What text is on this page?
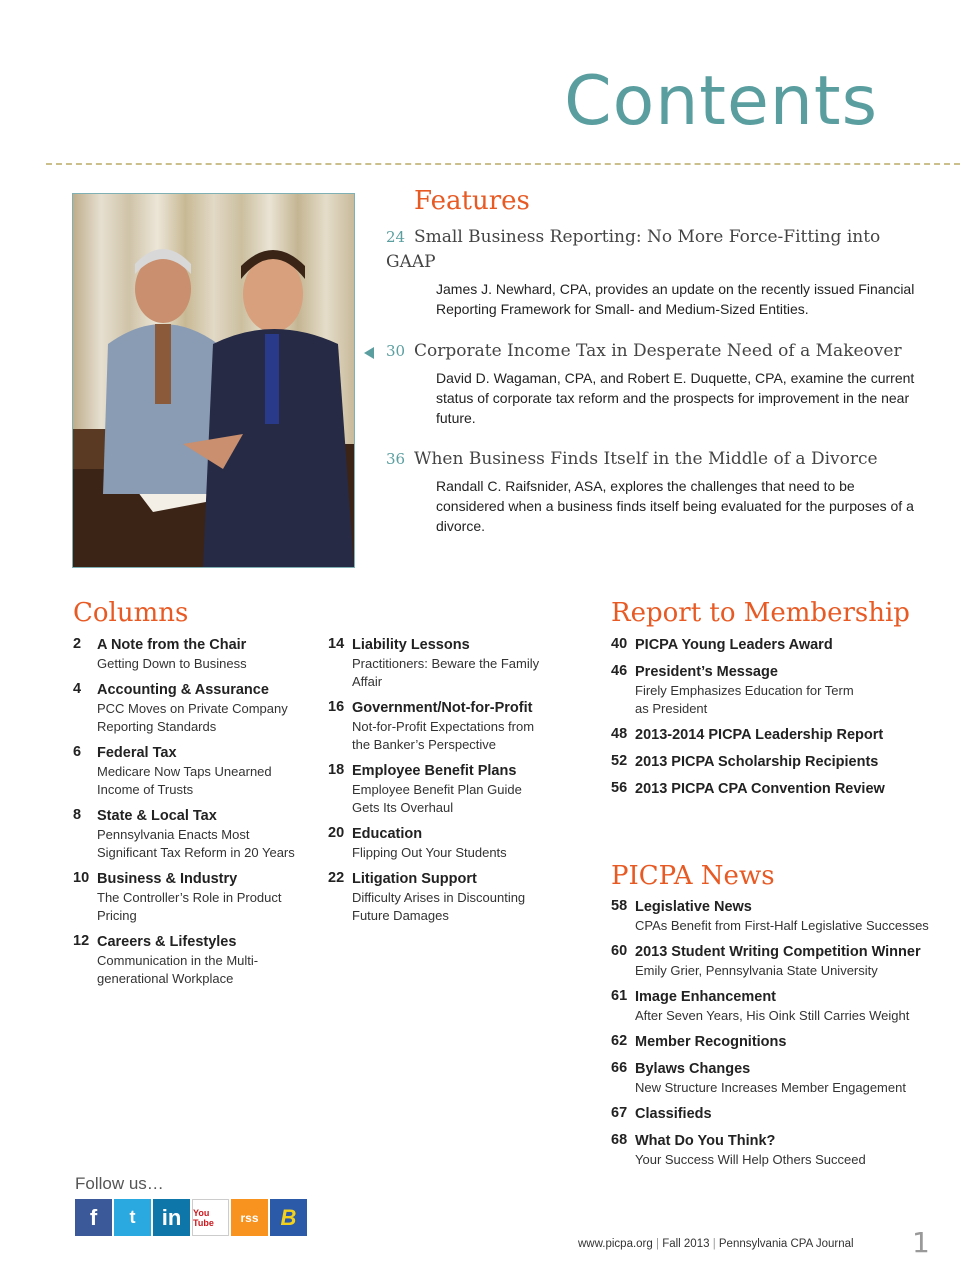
Contents
Features
24 Small Business Reporting: No More Force-Fitting into GAAP
James J. Newhard, CPA, provides an update on the recently issued Financial Reporting Framework for Small- and Medium-Sized Entities.
30 Corporate Income Tax in Desperate Need of a Makeover
David D. Wagaman, CPA, and Robert E. Duquette, CPA, examine the current status of corporate tax reform and the prospects for improvement in the near future.
36 When Business Finds Itself in the Middle of a Divorce
Randall C. Raifsnider, ASA, explores the challenges that need to be considered when a business finds itself being evaluated for the purposes of a divorce.
Columns
2 A Note from the Chair
Getting Down to Business
4 Accounting & Assurance
PCC Moves on Private Company Reporting Standards
6 Federal Tax
Medicare Now Taps Unearned Income of Trusts
8 State & Local Tax
Pennsylvania Enacts Most Significant Tax Reform in 20 Years
10 Business & Industry
The Controller’s Role in Product Pricing
12 Careers & Lifestyles
Communication in the Multi-generational Workplace
14 Liability Lessons
Practitioners: Beware the Family Affair
16 Government/Not-for-Profit
Not-for-Profit Expectations from the Banker’s Perspective
18 Employee Benefit Plans
Employee Benefit Plan Guide Gets Its Overhaul
20 Education
Flipping Out Your Students
22 Litigation Support
Difficulty Arises in Discounting Future Damages
Report to Membership
40 PICPA Young Leaders Award
46 President’s Message
Firely Emphasizes Education for Term as President
48 2013-2014 PICPA Leadership Report
52 2013 PICPA Scholarship Recipients
56 2013 PICPA CPA Convention Review
PICPA News
58 Legislative News
CPAs Benefit from First-Half Legislative Successes
60 2013 Student Writing Competition Winner
Emily Grier, Pennsylvania State University
61 Image Enhancement
After Seven Years, His Oink Still Carries Weight
62 Member Recognitions
66 Bylaws Changes
New Structure Increases Member Engagement
67 Classifieds
68 What Do You Think?
Your Success Will Help Others Succeed
Follow us…
f	t	in	You Tube	rss	B
www.picpa.org | Fall 2013 | Pennsylvania CPA Journal 1
